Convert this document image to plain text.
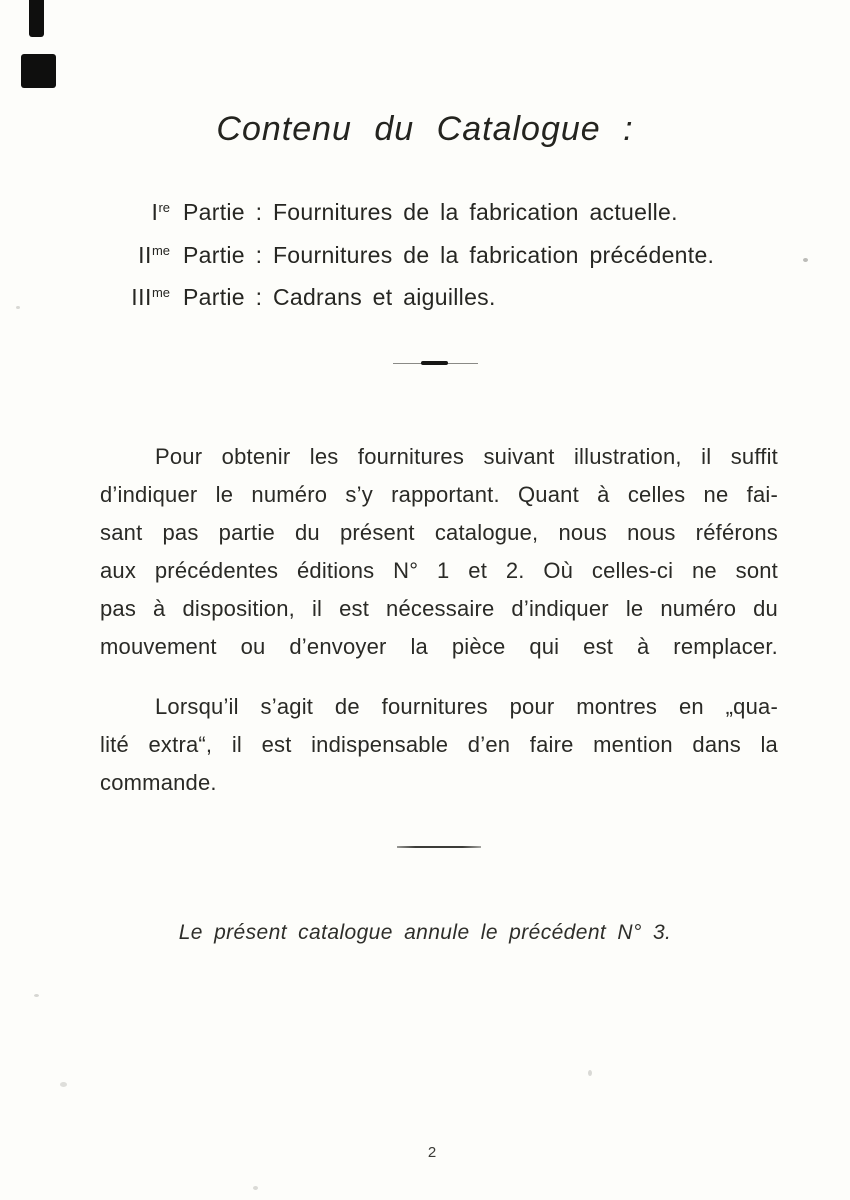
Contenu du Catalogue :
Ire Partie : Fournitures de la fabrication actuelle.
$II^{me}$ Partie : Fournitures de la fabrication précédente.
$III^{me}$ Partie : Cadrans et aiguilles.
Pour obtenir les fournitures suivant illustration, il suffit
d’indiquer le numéro s’y rapportant. Quant à celles ne fai-
sant pas partie du présent catalogue, nous nous référons
aux précédentes éditions N° 1 et 2. Où celles-ci ne sont
pas à disposition, il est nécessaire d’indiquer le numéro du
mouvement ou d’envoyer la pièce qui est à remplacer.
Lorsqu’il s’agit de fournitures pour montres en „qua-
lité extra“, il est indispensable d’en faire mention dans la
commande.
Le présent catalogue annule le précédent N° 3.
2
